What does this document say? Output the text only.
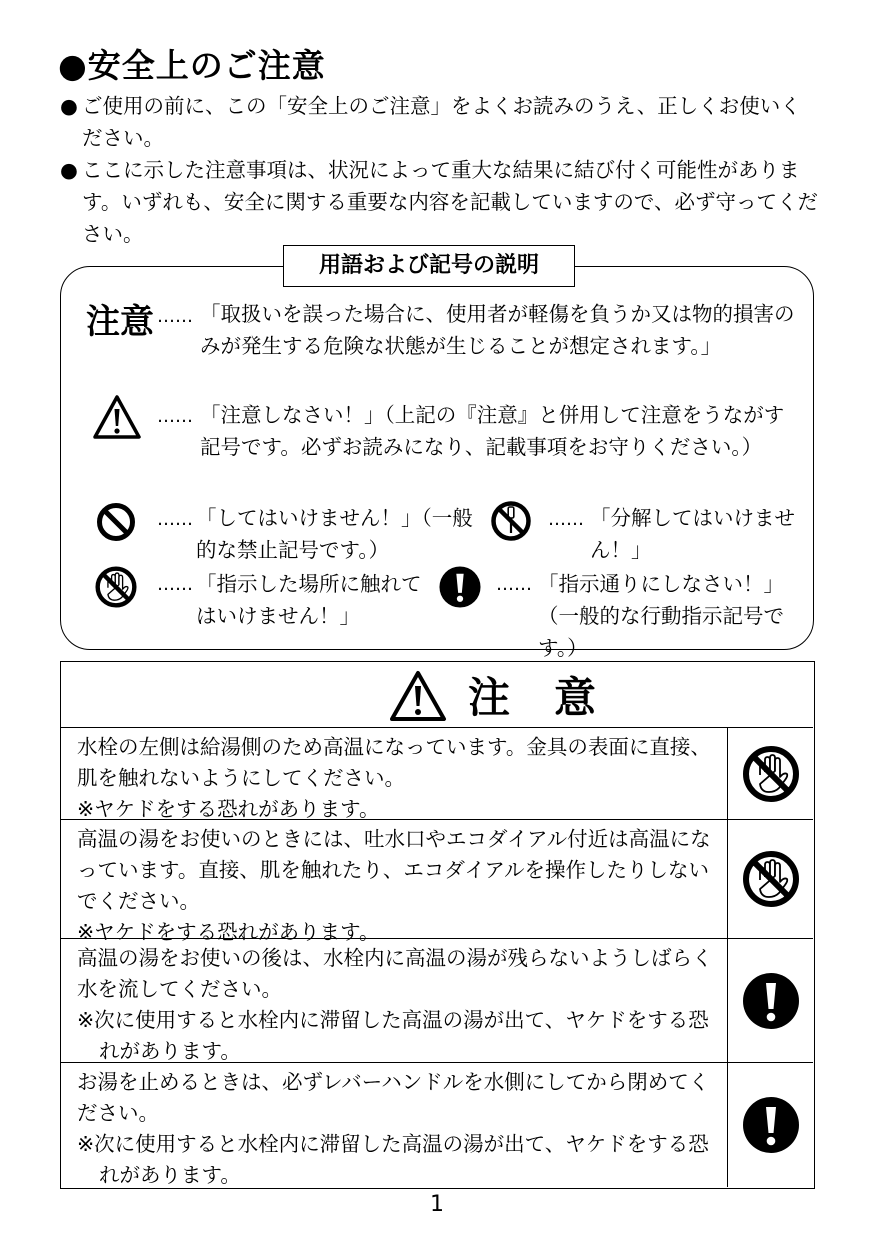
●安全上のご注意
● ご使用の前に、この「安全上のご注意」をよくお読みのうえ、正しくお使いください。
● ここに示した注意事項は、状況によって重大な結果に結び付く可能性があります。いずれも、安全に関する重要な内容を記載していますので、必ず守ってください。
用語および記号の説明
注意 …… 「取扱いを誤った場合に、使用者が軽傷を負うか又は物的損害のみが発生する危険な状態が生じることが想定されます。」
…… 「注意しなさい！」（上記の『注意』と併用して注意をうながす記号です。必ずお読みになり、記載事項をお守りください。）
…… 「してはいけません！」（一般的な禁止記号です。）
…… 「分解してはいけません！」
…… 「指示した場所に触れてはいけません！」
…… 「指示通りにしなさい！」（一般的な行動指示記号です。）
注意
水栓の左側は給湯側のため高温になっています。金具の表面に直接、肌を触れないようにしてください。
※ヤケドをする恐れがあります。
高温の湯をお使いのときには、吐水口やエコダイアル付近は高温になっています。直接、肌を触れたり、エコダイアルを操作したりしないでください。
※ヤケドをする恐れがあります。
高温の湯をお使いの後は、水栓内に高温の湯が残らないようしばらく水を流してください。
※次に使用すると水栓内に滞留した高温の湯が出て、ヤケドをする恐れがあります。
お湯を止めるときは、必ずレバーハンドルを水側にしてから閉めてください。
※次に使用すると水栓内に滞留した高温の湯が出て、ヤケドをする恐れがあります。
1
